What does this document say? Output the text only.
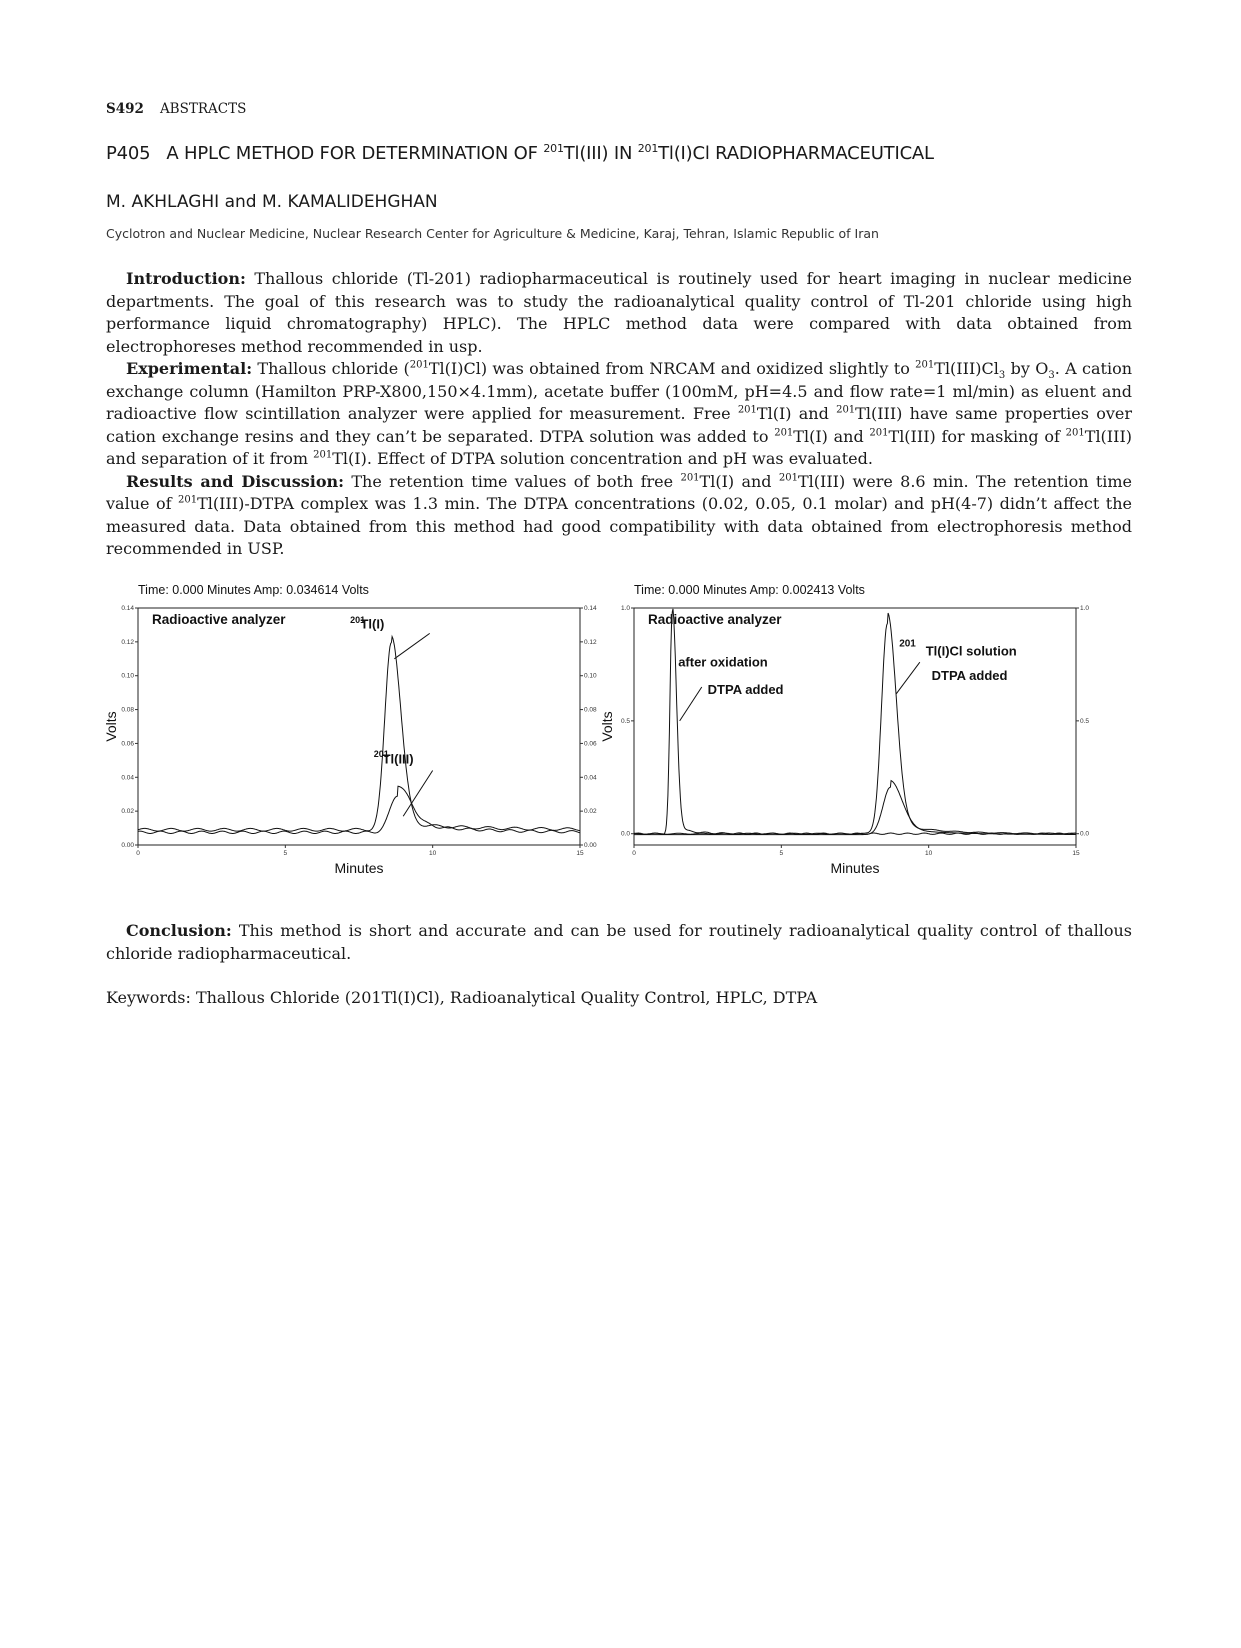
S492 ABSTRACTS
P405 A HPLC METHOD FOR DETERMINATION OF $^{201}$Tl(III) IN $^{201}$Tl(I)Cl RADIOPHARMACEUTICAL
M. AKHLAGHI and M. KAMALIDEHGHAN
Cyclotron and Nuclear Medicine, Nuclear Research Center for Agriculture & Medicine, Karaj, Tehran, Islamic Republic of Iran

Introduction: Thallous chloride (Tl-201) radiopharmaceutical is routinely used for heart imaging in nuclear medicine departments. The goal of this research was to study the radioanalytical quality control of Tl-201 chloride using high performance liquid chromatography) HPLC). The HPLC method data were compared with data obtained from electrophoreses method recommended in usp.

Experimental: Thallous chloride ($^{201}$Tl(I)Cl) was obtained from NRCAM and oxidized slightly to $^{201}Tl(III)Cl_3$ by $O_3$. A cation exchange column (Hamilton PRP-X800,150×4.1mm), acetate buffer (100mM, pH=4.5 and flow rate=1 ml/min) as eluent and radioactive flow scintillation analyzer were applied for measurement. Free $^{201}$Tl(I) and $^{201}$Tl(III) have same properties over cation exchange resins and they can’t be separated. DTPA solution was added to $^{201}$Tl(I) and $^{201}$Tl(III) for masking of $^{201}$Tl(III) and separation of it from $^{201}$Tl(I). Effect of DTPA solution concentration and pH was evaluated.

Results and Discussion: The retention time values of both free $^{201}$Tl(I) and $^{201}$Tl(III) were 8.6 min. The retention time value of $^{201}$Tl(III)-DTPA complex was 1.3 min. The DTPA concentrations (0.02, 0.05, 0.1 molar) and pH(4-7) didn’t affect the measured data. Data obtained from this method had good compatibility with data obtained from electrophoresis method recommended in USP.

Time: 0.000 Minutes Amp: 0.034614 Volts
Radioactive analyzer
0.00	0.00
0.02	0.02
0.04	0.04
0.06	0.06
0.08	0.08
0.10	0.10
0.12	0.12
0.14	0.14
0	5	10	15
Minutes
Volts
201
Tl(I)
201
Tl(III)
Time: 0.000 Minutes Amp: 0.002413 Volts
Radioactive analyzer
0.0	0.0
0.5	0.5
1.0	1.0
0	5	10	15
Minutes
Volts
after oxidation
DTPA added
201 Tl(I)Cl solution
DTPA added

Conclusion: This method is short and accurate and can be used for routinely radioanalytical quality control of thallous chloride radiopharmaceutical.

Keywords: Thallous Chloride (201Tl(I)Cl), Radioanalytical Quality Control, HPLC, DTPA
